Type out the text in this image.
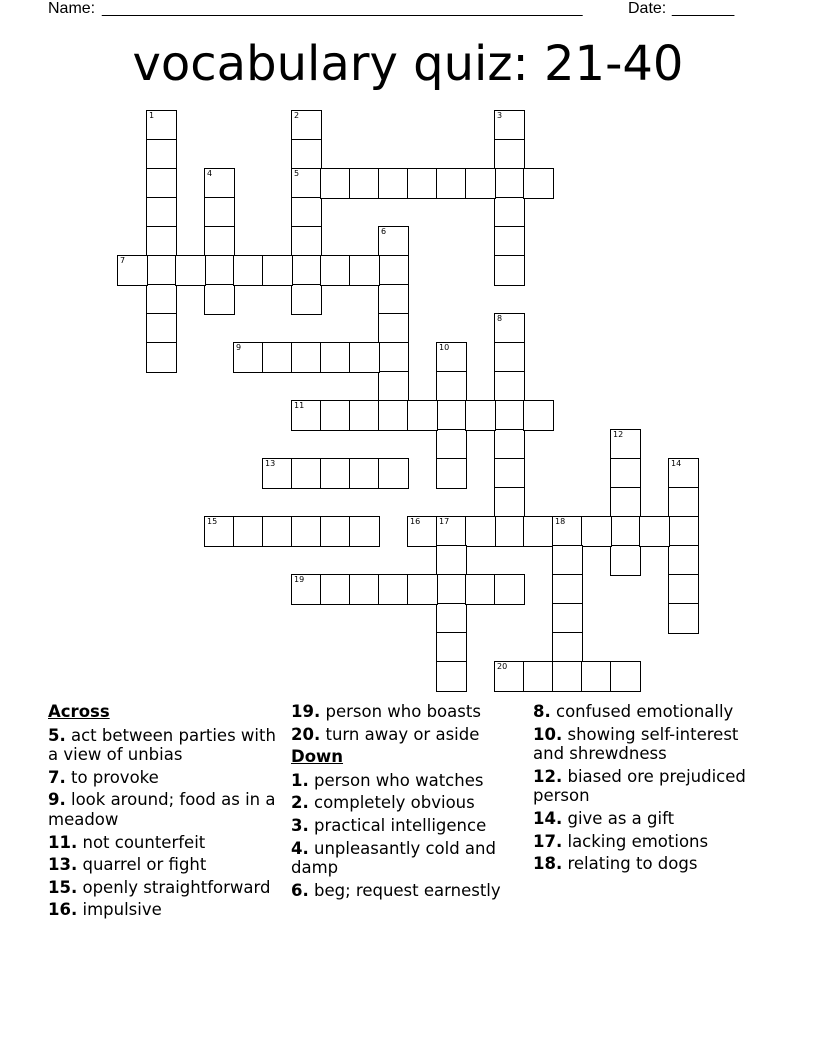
Name: ______________________________________________________	Date: _______
vocabulary quiz: 21-40
1	2
5
3
4
6
7
8
9	10
11
12
13	14
15	16 17	18
19
20
Across
5. act between parties with a view of unbias
7. to provoke
9. look around; food as in a meadow
11. not counterfeit
13. quarrel or fight
15. openly straightforward
16. impulsive
19. person who boasts
20. turn away or aside
Down
1. person who watches
2. completely obvious
3. practical intelligence
4. unpleasantly cold and damp
6. beg; request earnestly
8. confused emotionally
10. showing self-interest and shrewdness
12. biased ore prejudiced person
14. give as a gift
17. lacking emotions
18. relating to dogs
